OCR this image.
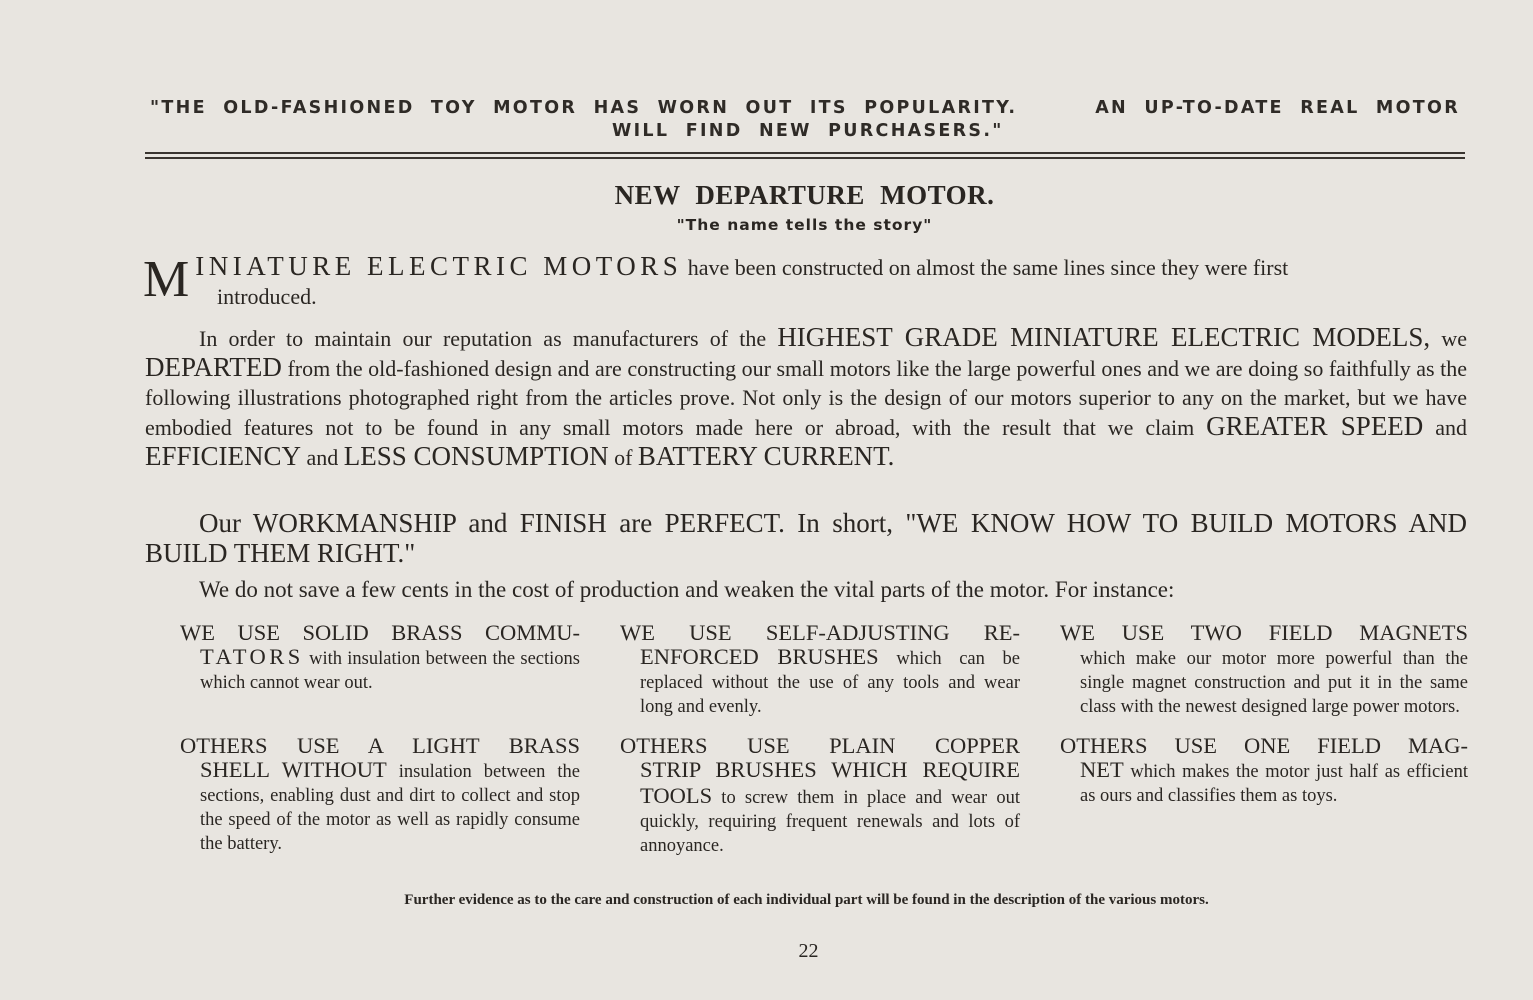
"THE OLD-FASHIONED TOY MOTOR HAS WORN OUT ITS POPULARITY.	AN UP-TO-DATE REAL MOTOR
WILL FIND NEW PURCHASERS."
NEW DEPARTURE MOTOR.
"The name tells the story"
M INIATURE ELECTRIC MOTORS have been constructed on almost the same lines since they were first
introduced.
In order to maintain our reputation as manufacturers of the HIGHEST GRADE MINIATURE ELECTRIC MODELS, we DEPARTED from the old-fashioned design and are constructing our small motors like the large powerful ones and we are doing so faithfully as the following illustrations photographed right from the articles prove. Not only is the design of our motors superior to any on the market, but we have embodied features not to be found in any small motors made here or abroad, with the result that we claim GREATER SPEED and EFFICIENCY and LESS CONSUMPTION of BATTERY CURRENT.
Our WORKMANSHIP and FINISH are PERFECT. In short, "WE KNOW HOW TO BUILD MOTORS AND BUILD THEM RIGHT."
We do not save a few cents in the cost of production and weaken the vital parts of the motor. For instance:
WE USE SOLID BRASS COMMU-
TATORS with insulation between the sections which cannot wear out.
WE USE SELF-ADJUSTING RE-
ENFORCED BRUSHES which can be replaced without the use of any tools and wear long and evenly.
WE USE TWO FIELD MAGNETS
which make our motor more powerful than the single magnet construction and put it in the same class with the newest designed large power motors.
OTHERS USE A LIGHT BRASS
SHELL WITHOUT insulation between the sections, enabling dust and dirt to collect and stop the speed of the motor as well as rapidly consume the battery.
OTHERS USE PLAIN COPPER
STRIP BRUSHES WHICH REQUIRE TOOLS to screw them in place and wear out quickly, requiring frequent renewals and lots of annoyance.
OTHERS USE ONE FIELD MAG-
NET which makes the motor just half as efficient as ours and classifies them as toys.
Further evidence as to the care and construction of each individual part will be found in the description of the various motors.
22
